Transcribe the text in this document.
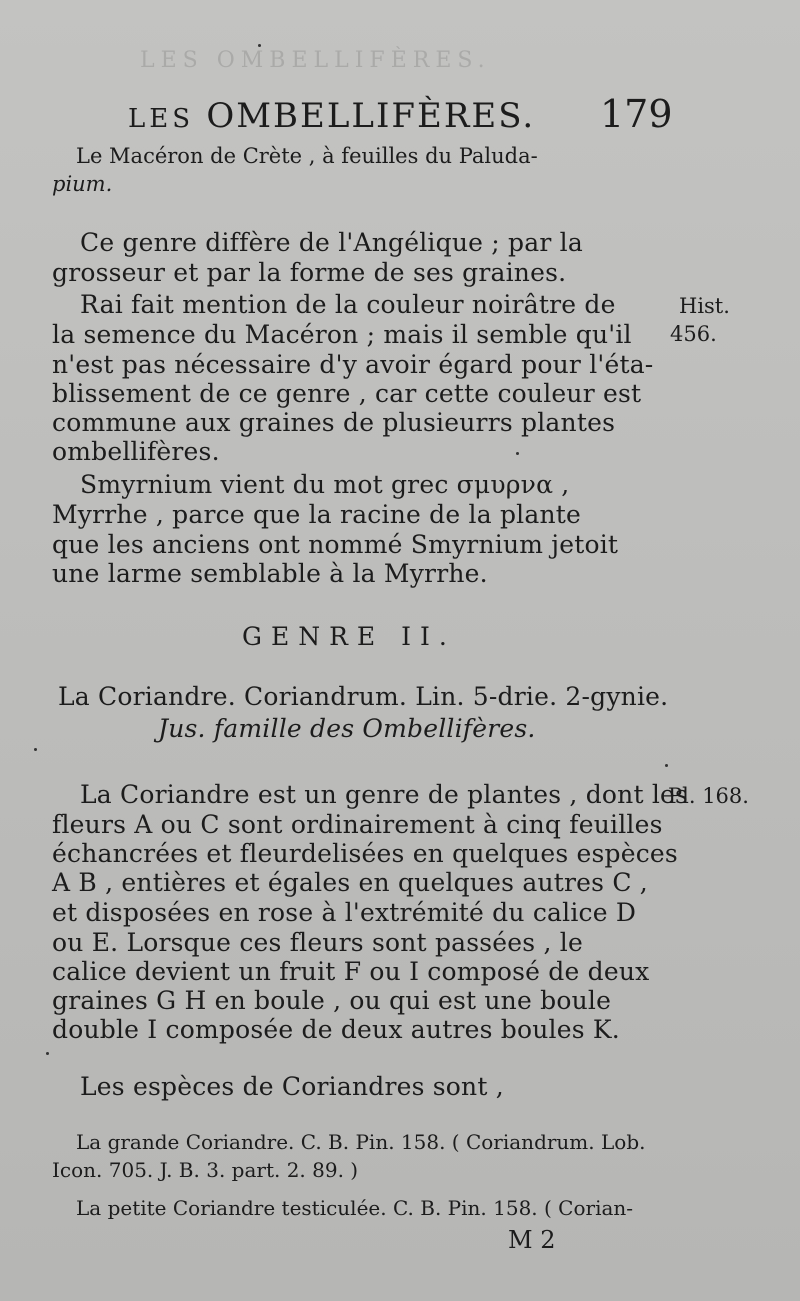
LES OMBELLIFÈRES.
LES OMBELLIFÈRES. 179
Le Macéron de Crète , à feuilles du Paluda-
pium.
Ce genre diffère de l'Angélique ; par la
grosseur et par la forme de ses graines.
Rai fait mention de la couleur noirâtre de
la semence du Macéron ; mais il semble qu'il
n'est pas nécessaire d'y avoir égard pour l'éta-
blissement de ce genre , car cette couleur est
commune aux graines de plusieurrs plantes
ombellifères.
Hist.
456.
Smyrnium vient du mot grec σμυρνα ,
Myrrhe , parce que la racine de la plante
que les anciens ont nommé Smyrnium jetoit
une larme semblable à la Myrrhe.
GENRE II.
La Coriandre. Coriandrum. Lin. 5-drie. 2-gynie.
Jus. famille des Ombellifères.
Pl. 168.
La Coriandre est un genre de plantes , dont les
fleurs A ou C sont ordinairement à cinq feuilles
échancrées et fleurdelisées en quelques espèces
A B , entières et égales en quelques autres C ,
et disposées en rose à l'extrémité du calice D
ou E. Lorsque ces fleurs sont passées , le
calice devient un fruit F ou I composé de deux
graines G H en boule , ou qui est une boule
double I composée de deux autres boules K.
Les espèces de Coriandres sont ,
La grande Coriandre. C. B. Pin. 158. ( Coriandrum. Lob.
Icon. 705. J. B. 3. part. 2. 89. )
La petite Coriandre testiculée. C. B. Pin. 158. ( Corian-
M 2
